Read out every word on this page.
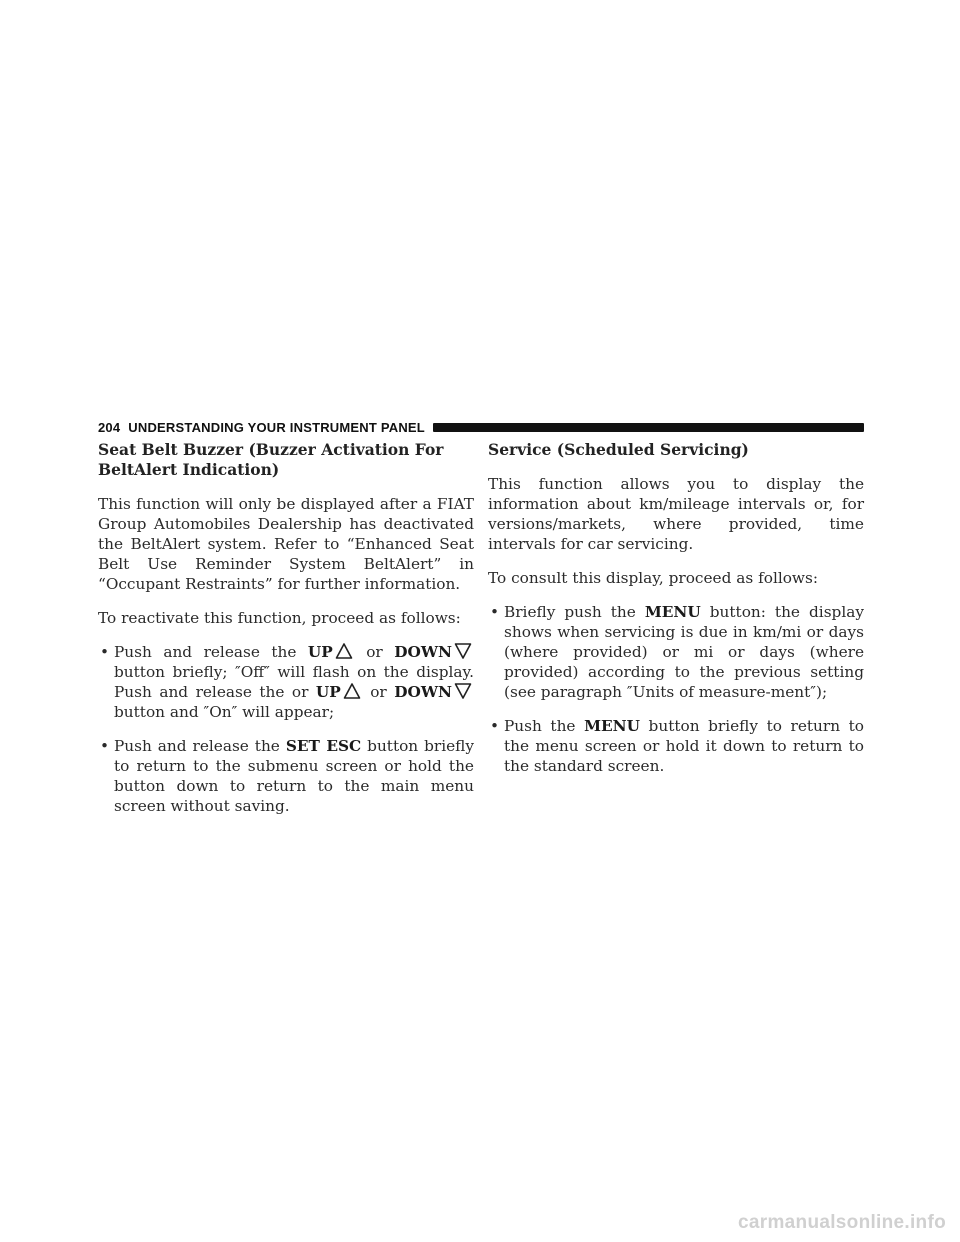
204 UNDERSTANDING YOUR INSTRUMENT PANEL
Seat Belt Buzzer (Buzzer Activation For BeltAlert Indication)

This function will only be displayed after a FIAT Group Automobiles Dealership has deactivated the BeltAlert system. Refer to “Enhanced Seat Belt Use Reminder System BeltAlert” in “Occupant Restraints” for further information.

To reactivate this function, proceed as follows:

• Push and release the UP
or DOWN
button briefly; ″Off″ will flash on the display. Push and release the or UP
or DOWN
button and ″On″ will appear;
• Push and release the SET ESC button briefly to return to the submenu screen or hold the button down to return to the main menu screen without saving.
Service (Scheduled Servicing)

This function allows you to display the information about km/mileage intervals or, for versions/markets, where provided, time intervals for car servicing.

To consult this display, proceed as follows:

• Briefly push the MENU button: the display shows when servicing is due in km/mi or days (where provided) or mi or days (where provided) according to the previous setting (see paragraph ″Units of measure-ment″);
• Push the MENU button briefly to return to the menu screen or hold it down to return to the standard screen.
carmanualsonline.info
